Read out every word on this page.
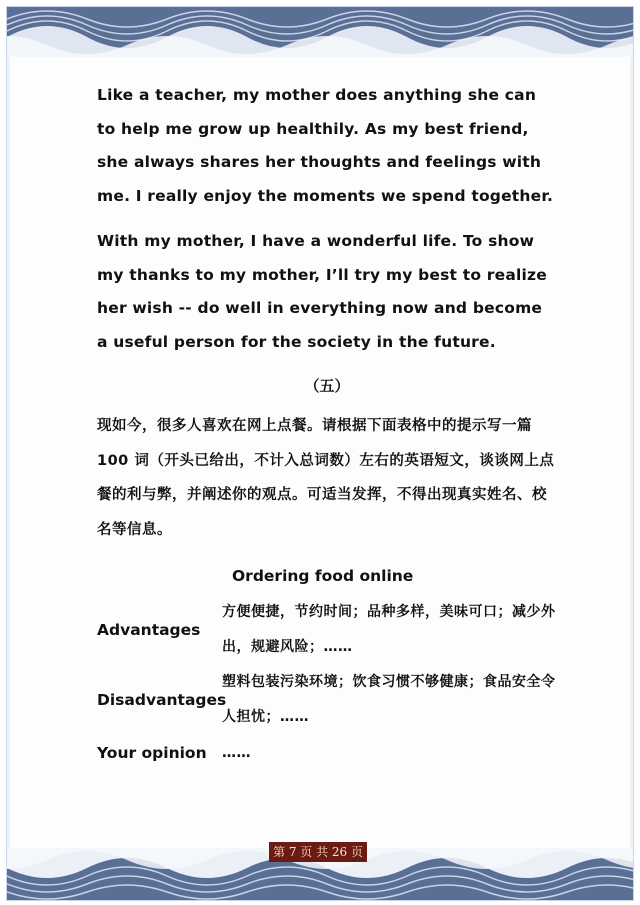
Like a teacher, my mother does anything she can to help me grow up healthily. As my best friend, she always shares her thoughts and feelings with me. I really enjoy the moments we spend together.

With my mother, I have a wonderful life. To show my thanks to my mother, I’ll try my best to realize her wish -- do well in everything now and become a useful person for the society in the future.

（五）

现如今，很多人喜欢在网上点餐。请根据下面表格中的提示写一篇 100 词（开头已给出，不计入总词数）左右的英语短文，谈谈网上点餐的利与弊，并阐述你的观点。可适当发挥，不得出现真实姓名、校名等信息。

Ordering food online
Advantages
方便便捷，节约时间；品种多样，美味可口；减少外出，规避风险；……
Disadvantages
塑料包装污染环境；饮食习惯不够健康；食品安全令人担忧；……
Your opinion	……
第 7 页 共 26 页
